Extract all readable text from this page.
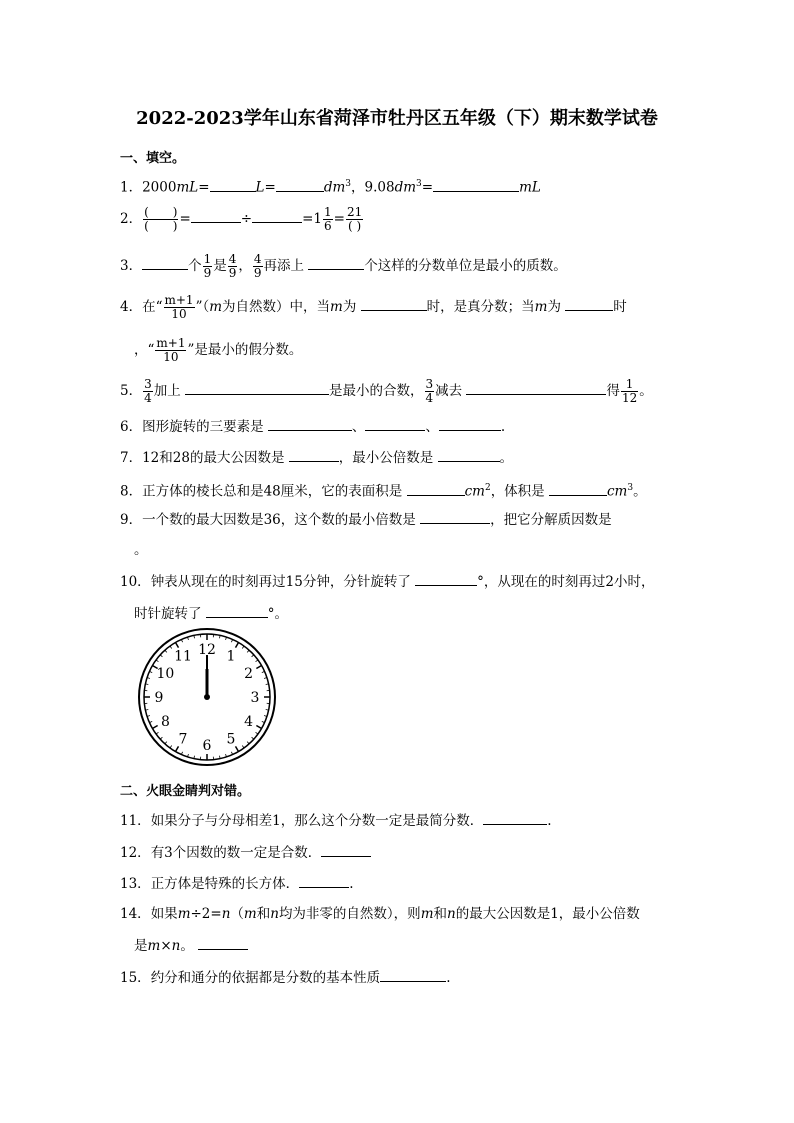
2022-2023学年山东省菏泽市牡丹区五年级（下）期末数学试卷
一、填空。
1．2000mL=	L=	$dm^3$，$9.08dm^3=$	mL
2． $\frac{( )}{( )}$ =	÷	$=1 \frac{1}{6} = \frac{21}{( )}$
3．	个 $\frac{1}{9}$ 是 $\frac{4}{9}$ ， $\frac{4}{9}$ 再添上	个这样的分数单位是最小的质数。
4．在“ $\frac{m+1}{10}$ ”（m为自然数）中，当m为	时，是真分数；当m为	时
，“ $\frac{m+1}{10}$ ”是最小的假分数。
5． $\frac{3}{4}$ 加上	是最小的合数， $\frac{3}{4}$ 减去	得 $\frac{1}{12}$ 。
6．图形旋转的三要素是	、	、	.
7．12和28的最大公因数是	，最小公倍数是	。
8．正方体的棱长总和是48厘米，它的表面积是	$cm^2$，体积是	$cm^3$。
9．一个数的最大因数是36，这个数的最小倍数是	，把它分解质因数是
。
10．钟表从现在的时刻再过15分钟，分针旋转了	°，从现在的时刻再过2小时，
时针旋转了	°。
12 1
2
3
4
5
6
7
8
9
10
11
二、火眼金睛判对错。
11．如果分子与分母相差1，那么这个分数一定是最简分数．	.
12．有3个因数的数一定是合数．
13．正方体是特殊的长方体．	.
14．如果m÷2=n（m和n均为非零的自然数），则m和n的最大公因数是1，最小公倍数
是m×n。
15．约分和通分的依据都是分数的基本性质	.
